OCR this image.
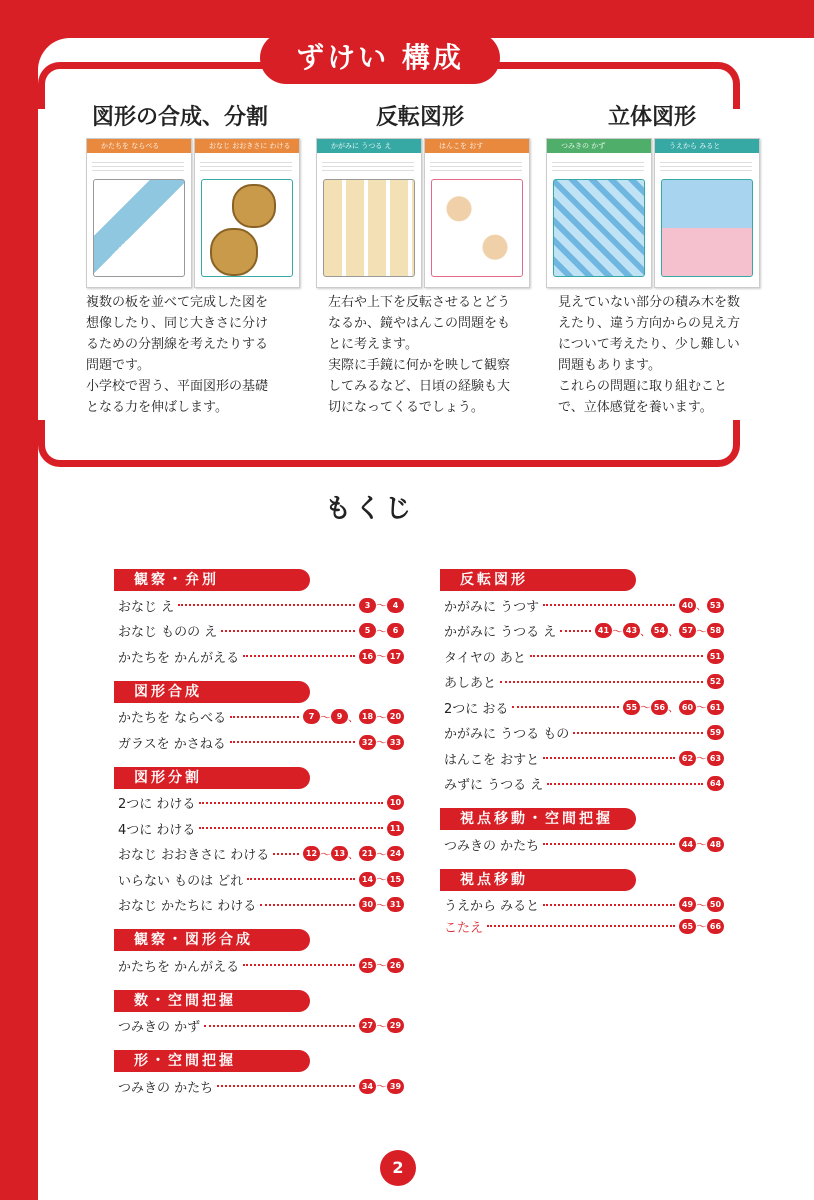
ずけい 構成
図形の合成、分割	反転図形	立体図形
かたちを ならべる	おなじ おおきさに わける	かがみに うつる え	はんこを おす	つみきの かず	うえから みると
複数の板を並べて完成した図を想像したり、同じ大きさに分けるための分割線を考えたりする問題です。
小学校で習う、平面図形の基礎となる力を伸ばします。
左右や上下を反転させるとどうなるか、鏡やはんこの問題をもとに考えます。
実際に手鏡に何かを映して観察してみるなど、日頃の経験も大切になってくるでしょう。
見えていない部分の積み木を数えたり、違う方向からの見え方について考えたり、少し難しい問題もあります。
これらの問題に取り組むことで、立体感覚を養います。
もくじ
観察・弁別
おなじ え	3 〜 4
おなじ ものの え	5 〜 6
かたちを かんがえる	16 〜 17
図形合成
かたちを ならべる	7 〜 9 、 18 〜 20
ガラスを かさねる	32 〜 33
図形分割
2つに わける	10
4つに わける	11
おなじ おおきさに わける	12 〜 13 、 21 〜 24
いらない ものは どれ	14 〜 15
おなじ かたちに わける	30 〜 31
観察・図形合成
かたちを かんがえる	25 〜 26
数・空間把握
つみきの かず	27 〜 29
形・空間把握
つみきの かたち	34 〜 39
反転図形
かがみに うつす	40 、 53
かがみに うつる え	41 〜 43 、 54 、 57 〜 58
タイヤの あと	51
あしあと	52
2つに おる	55 〜 56 、 60 〜 61
かがみに うつる もの	59
はんこを おすと	62 〜 63
みずに うつる え	64
視点移動・空間把握
つみきの かたち	44 〜 48
視点移動
うえから みると	49 〜 50
こたえ	65 〜 66
2
